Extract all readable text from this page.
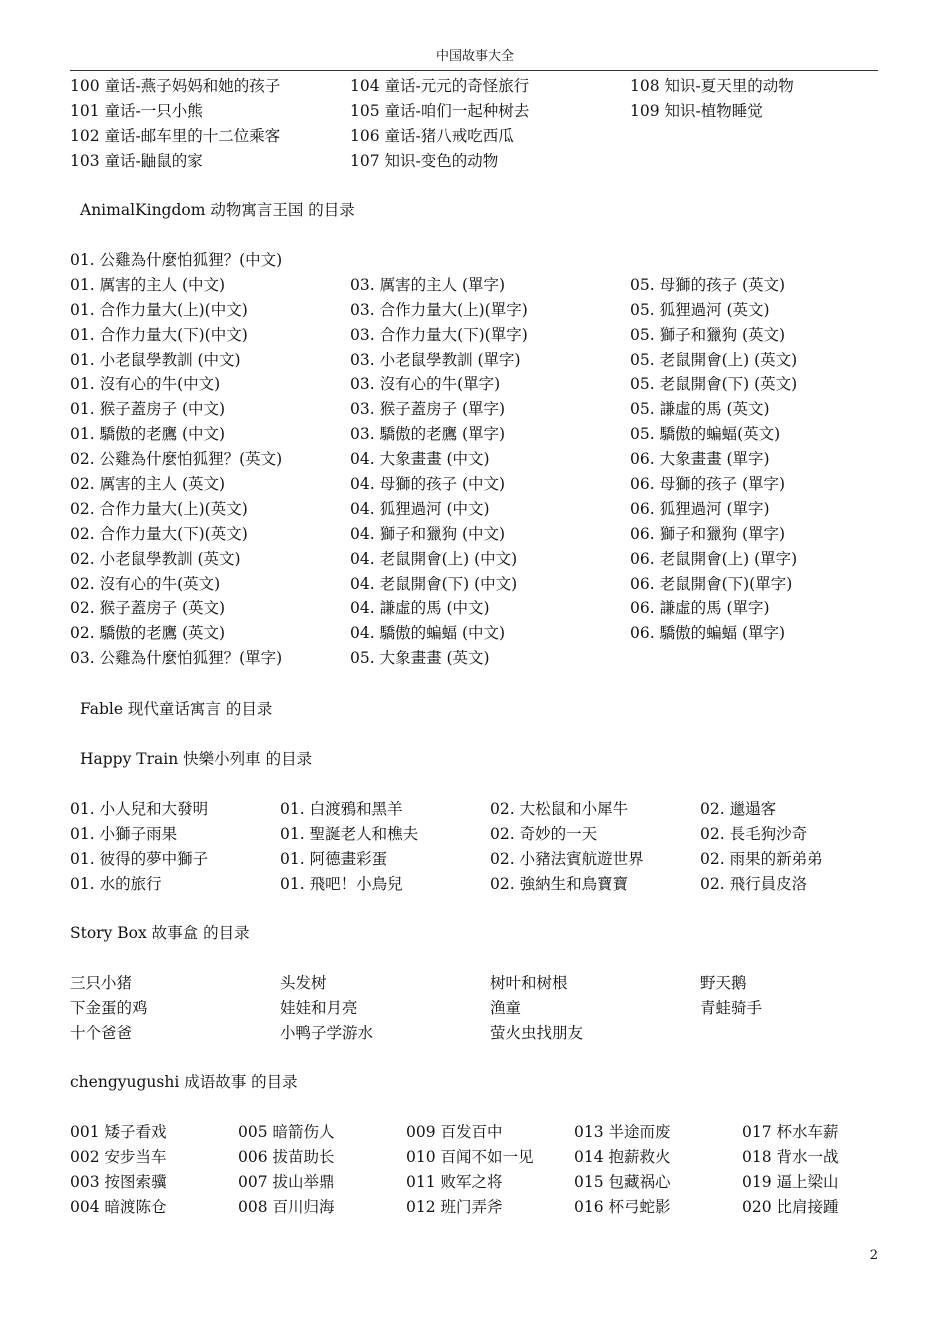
中国故事大全
100 童话-燕子妈妈和她的孩子	104 童话-元元的奇怪旅行	108 知识-夏天里的动物
101 童话-一只小熊	105 童话-咱们一起种树去	109 知识-植物睡觉
102 童话-邮车里的十二位乘客	106 童话-猪八戒吃西瓜
103 童话-鼬鼠的家	107 知识-变色的动物
AnimalKingdom 动物寓言王国 的目录
01. 公雞為什麼怕狐狸？(中文)
01. 厲害的主人 (中文)	03. 厲害的主人 (單字)	05. 母獅的孩子 (英文)
01. 合作力量大(上)(中文)	03. 合作力量大(上)(單字)	05. 狐狸過河 (英文)
01. 合作力量大(下)(中文)	03. 合作力量大(下)(單字)	05. 獅子和獵狗 (英文)
01. 小老鼠學教訓 (中文)	03. 小老鼠學教訓 (單字)	05. 老鼠開會(上) (英文)
01. 沒有心的牛(中文)	03. 沒有心的牛(單字)	05. 老鼠開會(下) (英文)
01. 猴子蓋房子 (中文)	03. 猴子蓋房子 (單字)	05. 謙虛的馬 (英文)
01. 驕傲的老鷹 (中文)	03. 驕傲的老鷹 (單字)	05. 驕傲的蝙蝠(英文)
02. 公雞為什麼怕狐狸？(英文)	04. 大象畫畫 (中文)	06. 大象畫畫 (單字)
02. 厲害的主人 (英文)	04. 母獅的孩子 (中文)	06. 母獅的孩子 (單字)
02. 合作力量大(上)(英文)	04. 狐狸過河 (中文)	06. 狐狸過河 (單字)
02. 合作力量大(下)(英文)	04. 獅子和獵狗 (中文)	06. 獅子和獵狗 (單字)
02. 小老鼠學教訓 (英文)	04. 老鼠開會(上) (中文)	06. 老鼠開會(上) (單字)
02. 沒有心的牛(英文)	04. 老鼠開會(下) (中文)	06. 老鼠開會(下)(單字)
02. 猴子蓋房子 (英文)	04. 謙虛的馬 (中文)	06. 謙虛的馬 (單字)
02. 驕傲的老鷹 (英文)	04. 驕傲的蝙蝠 (中文)	06. 驕傲的蝙蝠 (單字)
03. 公雞為什麼怕狐狸？(單字)	05. 大象畫畫 (英文)
Fable 现代童话寓言 的目录
Happy Train 快樂小列車 的目录
01. 小人兒和大發明	01. 白渡鴉和黑羊	02. 大松鼠和小犀牛	02. 邋遢客
01. 小獅子雨果	01. 聖誕老人和樵夫	02. 奇妙的一天	02. 長毛狗沙奇
01. 彼得的夢中獅子	01. 阿德畫彩蛋	02. 小豬法賓航遊世界	02. 雨果的新弟弟
01. 水的旅行	01. 飛吧！小鳥兒	02. 強納生和鳥寶寶	02. 飛行員皮洛
Story Box 故事盒 的目录
三只小猪	头发树	树叶和树根	野天鹅
下金蛋的鸡	娃娃和月亮	渔童	青蛙骑手
十个爸爸	小鸭子学游水	萤火虫找朋友
chengyugushi 成语故事 的目录
001 矮子看戏	005 暗箭伤人	009 百发百中	013 半途而废	017 杯水车薪
002 安步当车	006 拔苗助长	010 百闻不如一见	014 抱薪救火	018 背水一战
003 按图索骥	007 拔山举鼎	011 败军之将	015 包藏祸心	019 逼上梁山
004 暗渡陈仓	008 百川归海	012 班门弄斧	016 杯弓蛇影	020 比肩接踵
2
